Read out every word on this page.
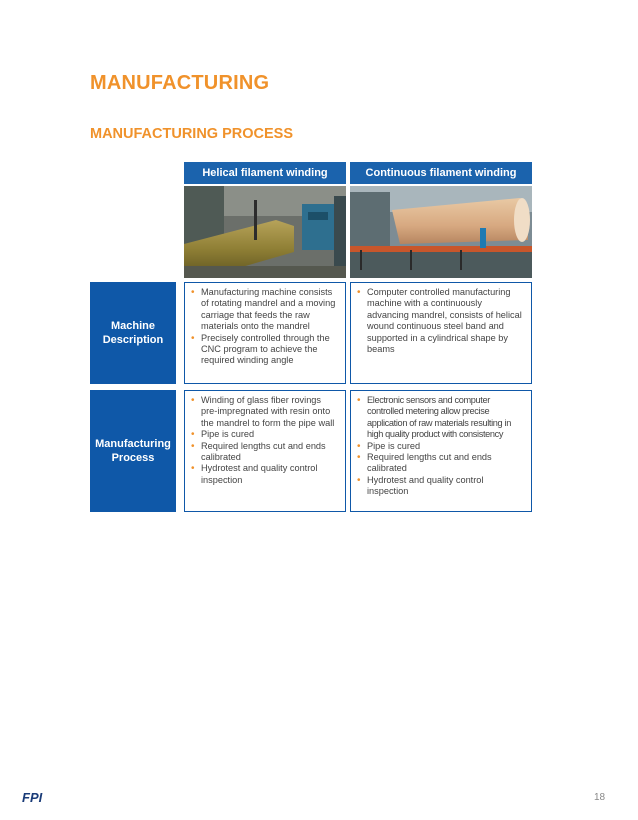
MANUFACTURING
MANUFACTURING PROCESS
Helical filament winding	Continuous filament winding
Machine
Description
• Manufacturing machine consists of rotating mandrel and a moving carriage that feeds the raw materials onto the mandrel
• Precisely controlled through the CNC program to achieve the required winding angle
• Computer controlled manufacturing machine with a continuously advancing mandrel, consists of helical wound continuous steel band and supported in a cylindrical shape by beams
Manufacturing
Process
• Winding of glass fiber rovings pre-impregnated with resin onto the mandrel to form the pipe wall
• Pipe is cured
• Required lengths cut and ends calibrated
• Hydrotest and quality control inspection
• Electronic sensors and computer controlled metering allow precise application of raw materials resulting in high quality product with consistency
• Pipe is cured
• Required lengths cut and ends calibrated
• Hydrotest and quality control inspection
FPI	18
